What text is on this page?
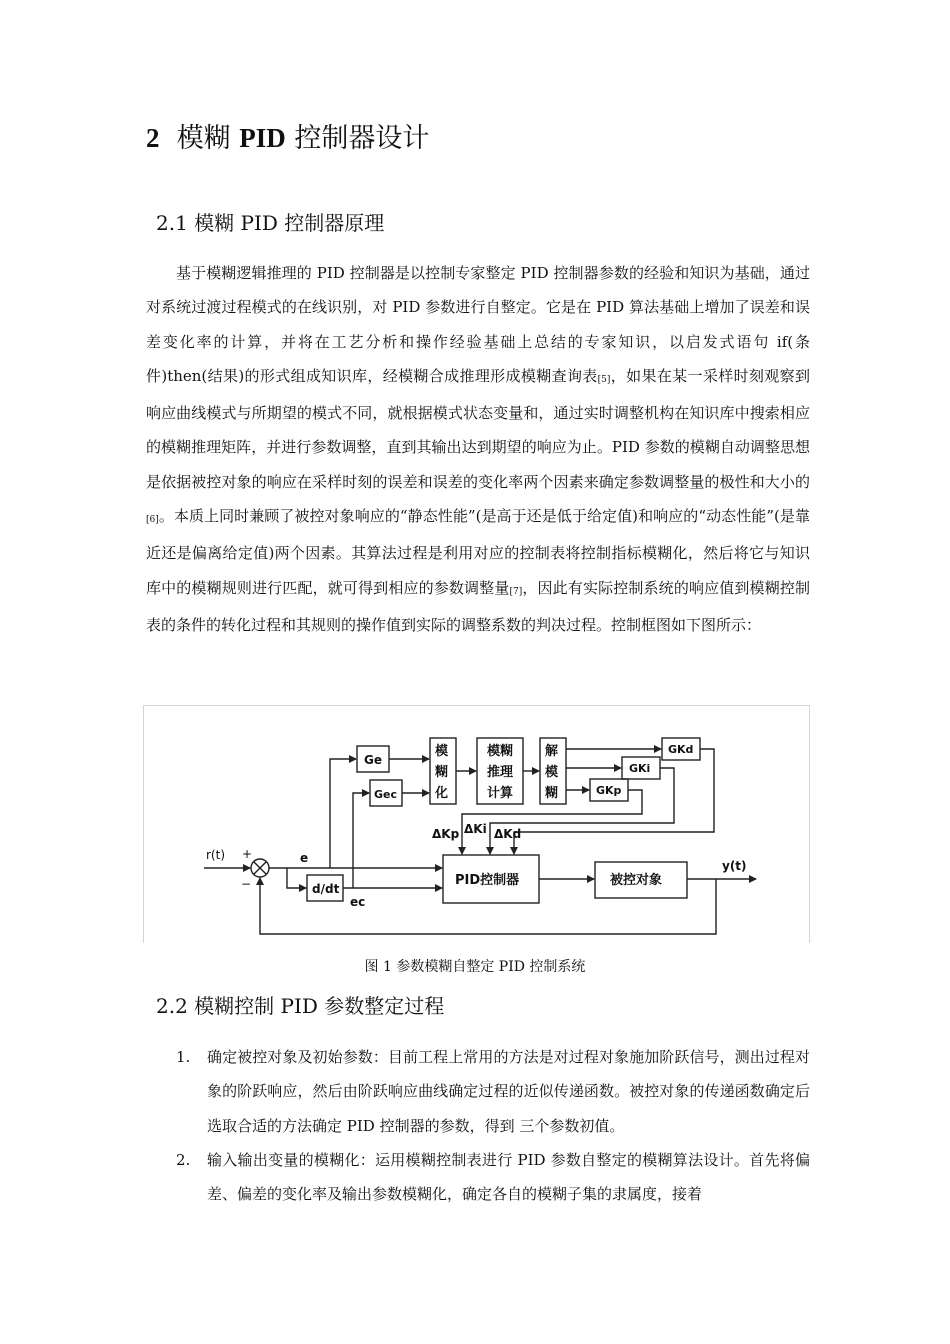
2 模糊 PID 控制器设计
2.1 模糊 PID 控制器原理

基于模糊逻辑推理的 PID 控制器是以控制专家整定 PID 控制器参数的经验和知识为基础，通过对系统过渡过程模式的在线识别，对 PID 参数进行自整定。它是在 PID 算法基础上增加了误差和误差变化率的计算，并将在工艺分析和操作经验基础上总结的专家知识，以启发式语句 if(条件)then(结果)的形式组成知识库，经模糊合成推理形成模糊查询表[5]，如果在某一采样时刻观察到响应曲线模式与所期望的模式不同，就根据模式状态变量和，通过实时调整机构在知识库中搜索相应的模糊推理矩阵，并进行参数调整，直到其输出达到期望的响应为止。PID 参数的模糊自动调整思想是依据被控对象的响应在采样时刻的误差和误差的变化率两个因素来确定参数调整量的极性和大小的[6]。本质上同时兼顾了被控对象响应的“静态性能”(是高于还是低于给定值)和响应的“动态性能”(是靠近还是偏离给定值)两个因素。其算法过程是利用对应的控制表将控制指标模糊化，然后将它与知识库中的模糊规则进行匹配，就可得到相应的参数调整量[7]，因此有实际控制系统的响应值到模糊控制表的条件的转化过程和其规则的操作值到实际的调整系数的判决过程。控制框图如下图所示：

Ge
Gec
模
糊
化
模糊
推理
计算
解
模
糊
GKd
GKi
GKp
ΔKp ΔKi ΔKd
r(t) +
−
e
ec
d/dt
PID控制器	被控对象
y(t)

图 1 参数模糊自整定 PID 控制系统

2.2 模糊控制 PID 参数整定过程
1. 确定被控对象及初始参数：目前工程上常用的方法是对过程对象施加阶跃信号，测出过程对象的阶跃响应，然后由阶跃响应曲线确定过程的近似传递函数。被控对象的传递函数确定后选取合适的方法确定 PID 控制器的参数，得到 三个参数初值。
2. 输入输出变量的模糊化：运用模糊控制表进行 PID 参数自整定的模糊算法设计。首先将偏差、偏差的变化率及输出参数模糊化，确定各自的模糊子集的隶属度，接着
